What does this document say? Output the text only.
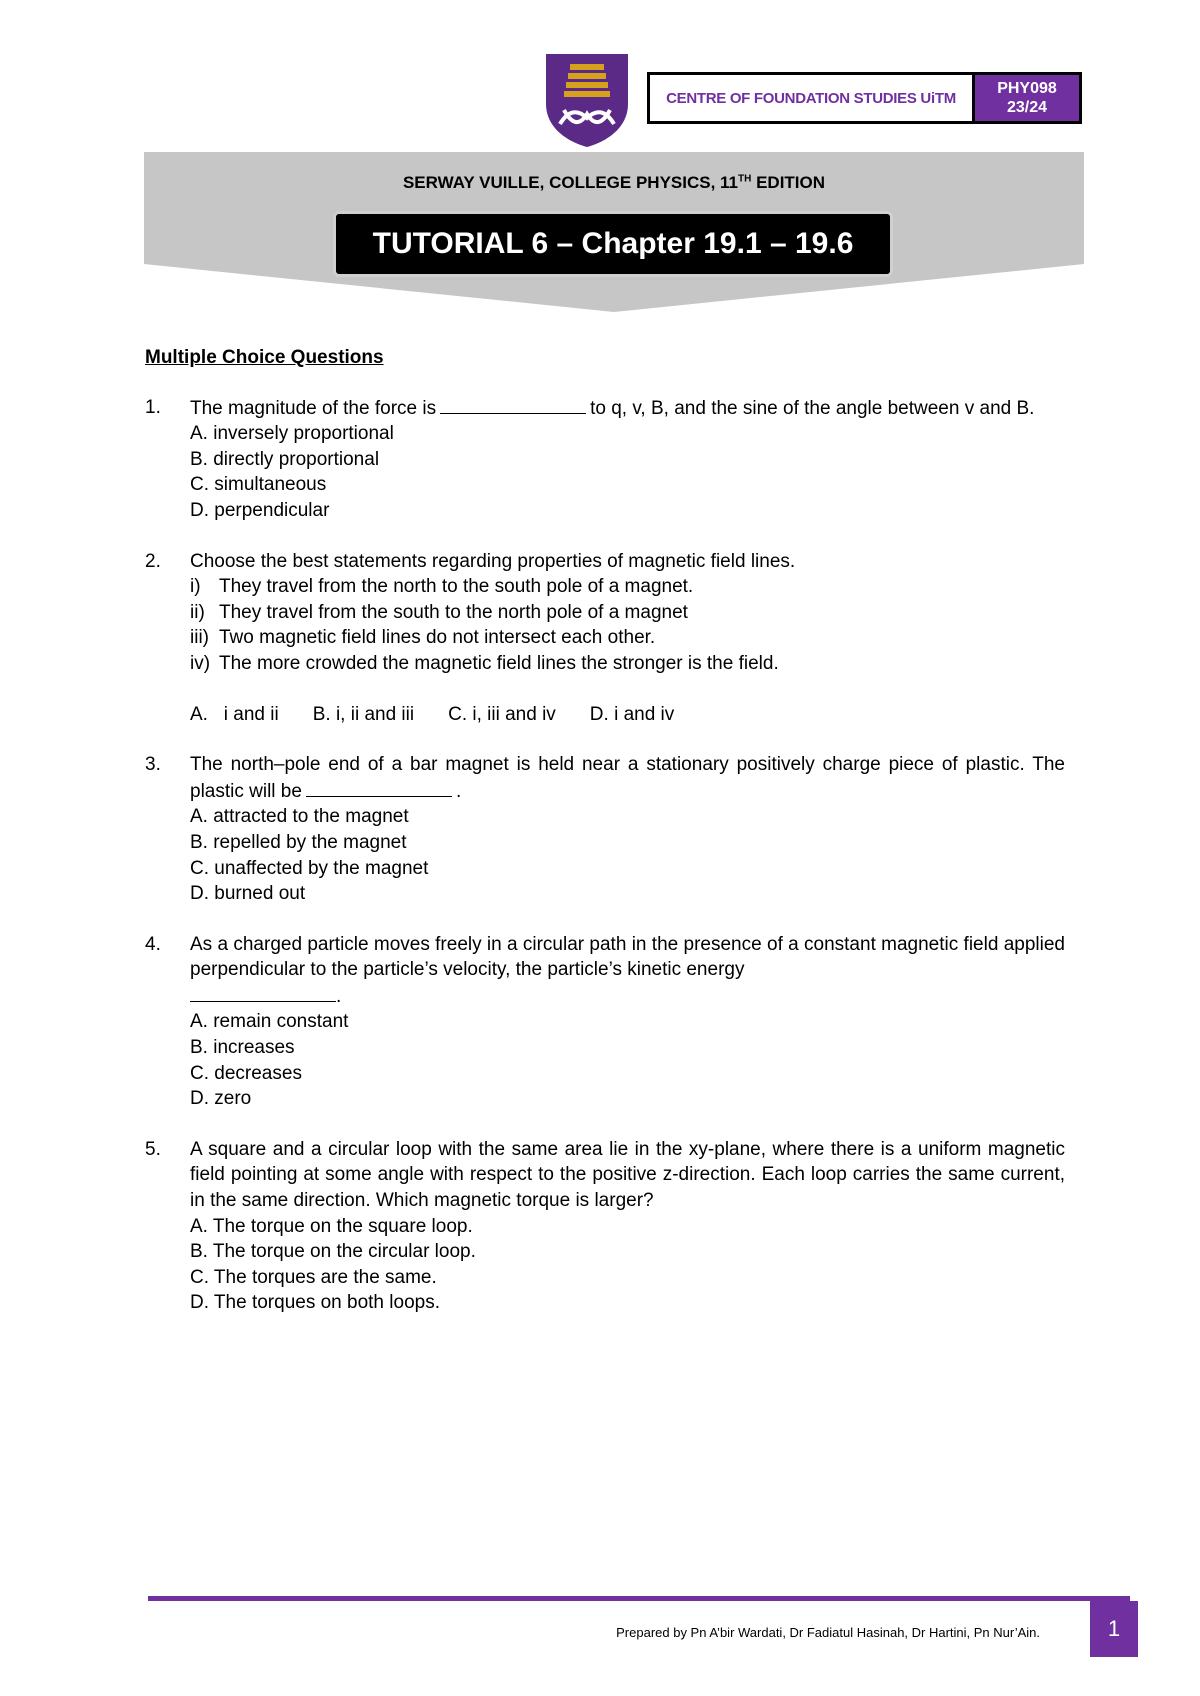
CENTRE OF FOUNDATION STUDIES UiTM
PHY098
23/24
SERWAY VUILLE, COLLEGE PHYSICS, 11TH EDITION
TUTORIAL 6 – Chapter 19.1 – 19.6
Multiple Choice Questions
1.	The magnitude of the force is	to q, v, B, and the sine of the angle between v and B.
A. inversely proportional
B. directly proportional
C. simultaneous
D. perpendicular
2.	Choose the best statements regarding properties of magnetic field lines.
i) They travel from the north to the south pole of a magnet.
ii) They travel from the south to the north pole of a magnet
iii) Two magnetic field lines do not intersect each other.
iv) The more crowded the magnetic field lines the stronger is the field.
A.   i and ii B. i, ii and iii C. i, iii and iv D. i and iv
3.	The north–pole end of a bar magnet is held near a stationary positively charge piece of plastic. The plastic will be	.
A. attracted to the magnet
B. repelled by the magnet
C. unaffected by the magnet
D. burned out
4.	As a charged particle moves freely in a circular path in the presence of a constant magnetic field applied perpendicular to the particle’s velocity, the particle’s kinetic energy
.
A. remain constant
B. increases
C. decreases
D. zero
5.	A square and a circular loop with the same area lie in the xy-plane, where there is a uniform magnetic field pointing at some angle with respect to the positive z-direction. Each loop carries the same current, in the same direction. Which magnetic torque is larger?
A. The torque on the square loop.
B. The torque on the circular loop.
C. The torques are the same.
D. The torques on both loops.
Prepared by Pn A’bir Wardati, Dr Fadiatul Hasinah, Dr Hartini, Pn Nur’Ain.	1
